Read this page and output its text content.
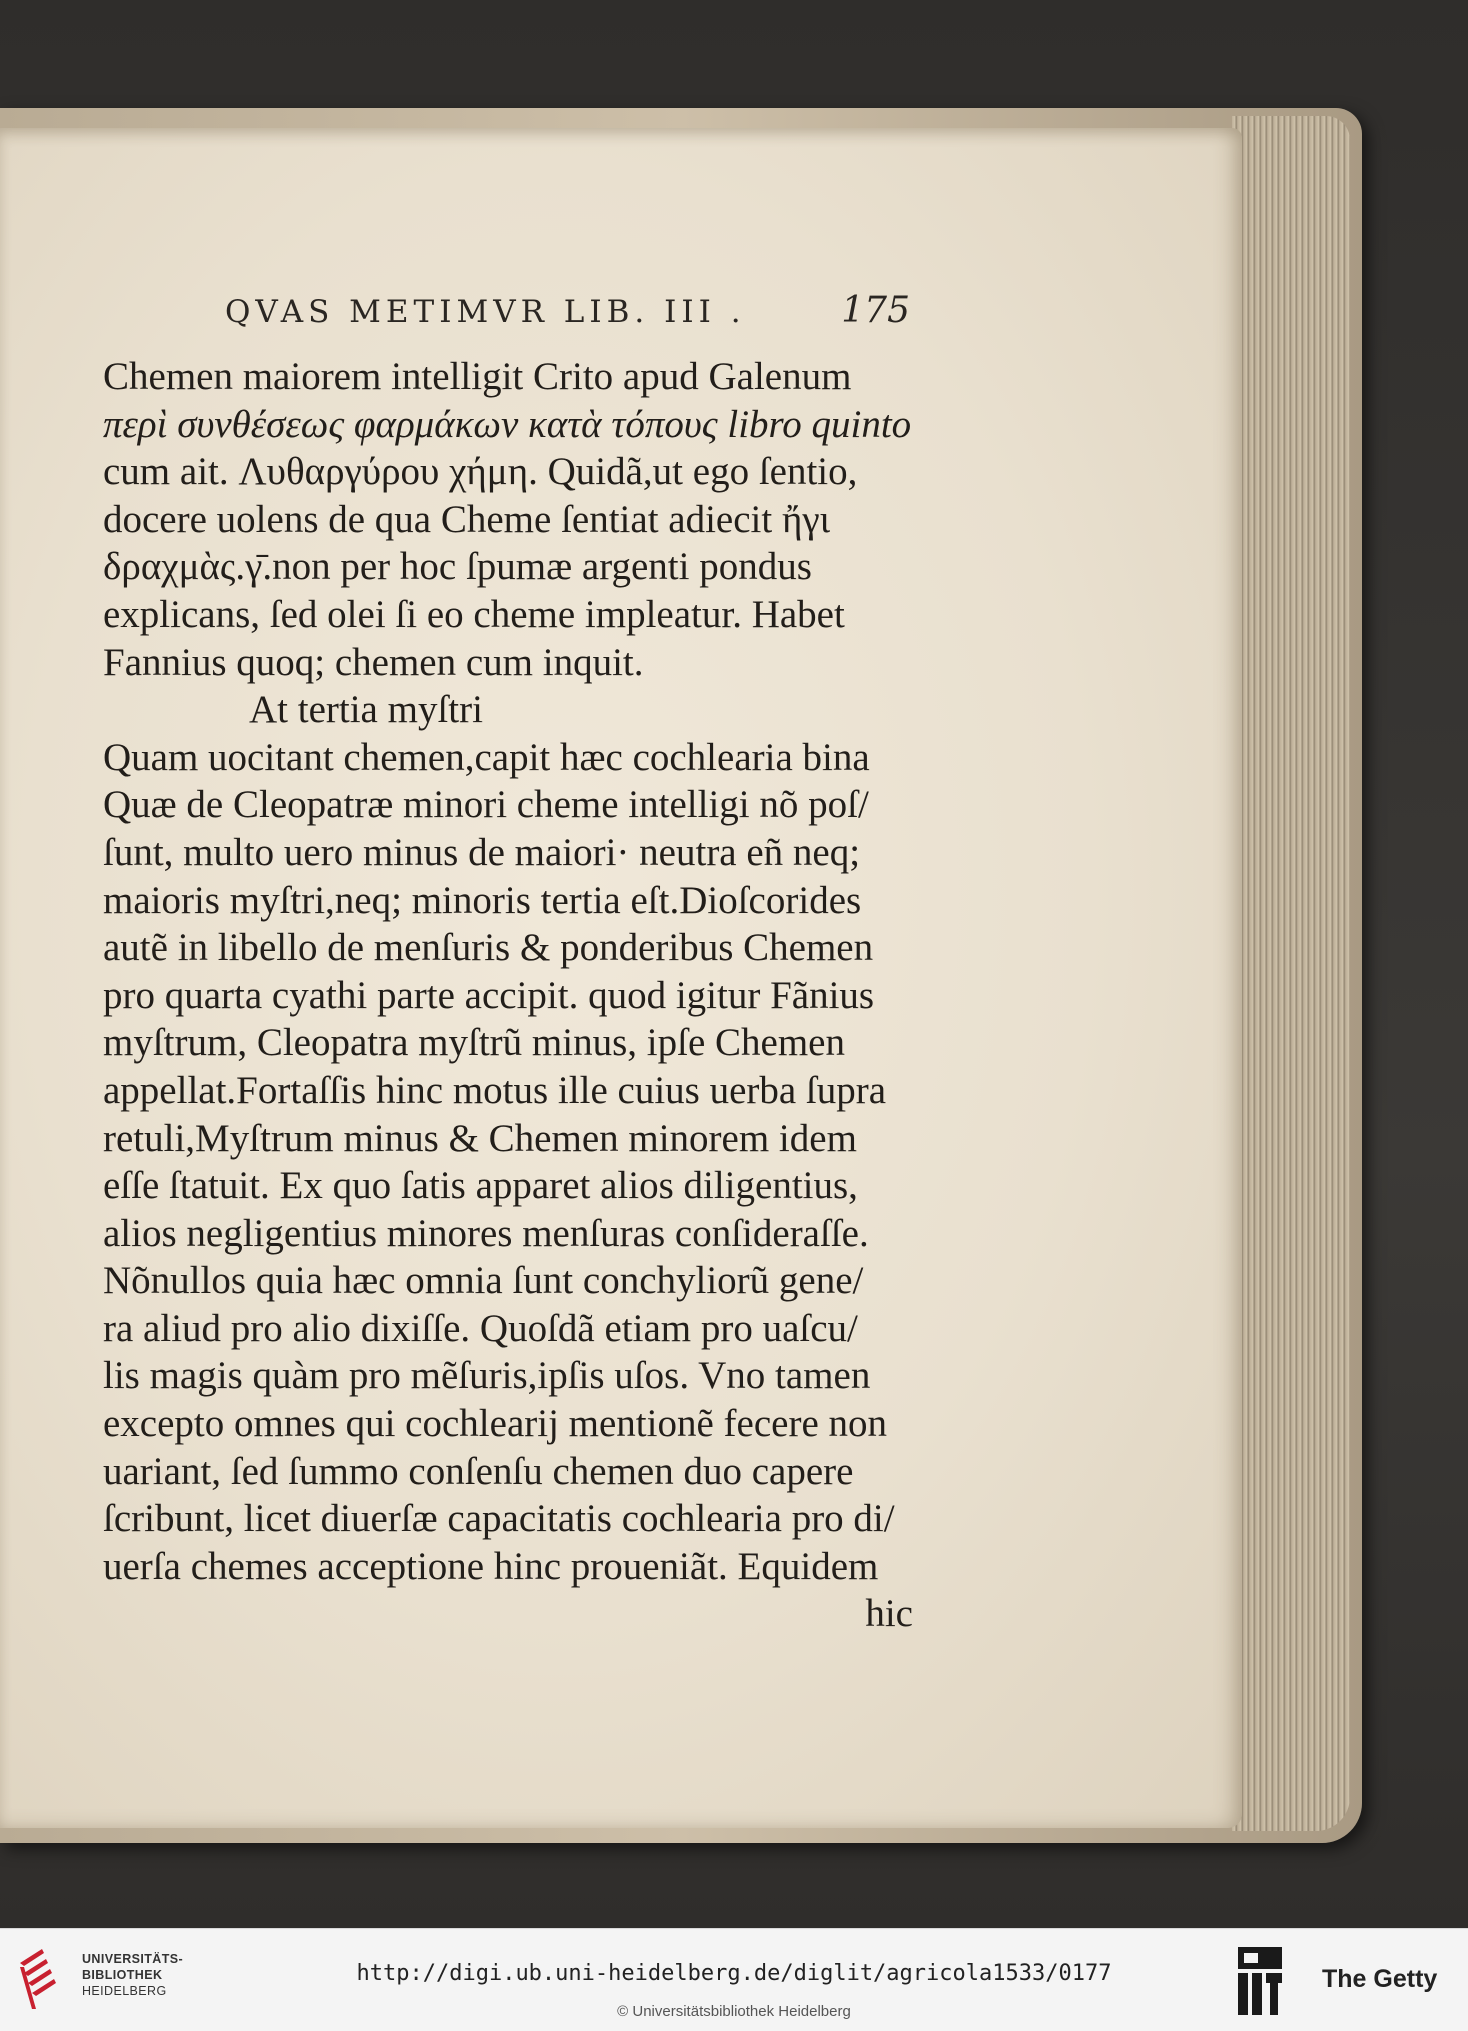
QVAS METIMVR LIB. III .	175
Chemen maiorem intelligit Crito apud Galenum
περὶ συνθέσεως φαρμάκων κατὰ τόπους libro quinto
cum ait. Λυθαργύρου χήμη. Quidã,ut ego ſentio,
docere uolens de qua Cheme ſentiat adiecit ἤγι
δραχμὰς.γ̄.non per hoc ſpumæ argenti pondus
explicans, ſed olei ſi eo cheme impleatur. Habet
Fannius quoq; chemen cum inquit.
At tertia myſtri
Quam uocitant chemen,capit hæc cochlearia bina
Quæ de Cleopatræ minori cheme intelligi nõ poſ/
ſunt, multo uero minus de maiori· neutra eñ neq;
maioris myſtri,neq; minoris tertia eſt.Dioſcorides
autẽ in libello de menſuris & ponderibus Chemen
pro quarta cyathi parte accipit. quod igitur Fãnius
myſtrum, Cleopatra myſtrũ minus, ipſe Chemen
appellat.Fortaſſis hinc motus ille cuius uerba ſupra
retuli,Myſtrum minus & Chemen minorem idem
eſſe ſtatuit. Ex quo ſatis apparet alios diligentius,
alios negligentius minores menſuras conſideraſſe.
Nõnullos quia hæc omnia ſunt conchyliorũ gene/
ra aliud pro alio dixiſſe. Quoſdã etiam pro uaſcu/
lis magis quàm pro mẽſuris,ipſis uſos. Vno tamen
excepto omnes qui cochlearij mentionẽ fecere non
uariant, ſed ſummo conſenſu chemen duo capere
ſcribunt, licet diuerſæ capacitatis cochlearia pro di/
uerſa chemes acceptione hinc proueniãt. Equidem
hic
UNIVERSITÄTS-
BIBLIOTHEK
HEIDELBERG
http://digi.ub.uni-heidelberg.de/diglit/agricola1533/0177
© Universitätsbibliothek Heidelberg
The Getty
